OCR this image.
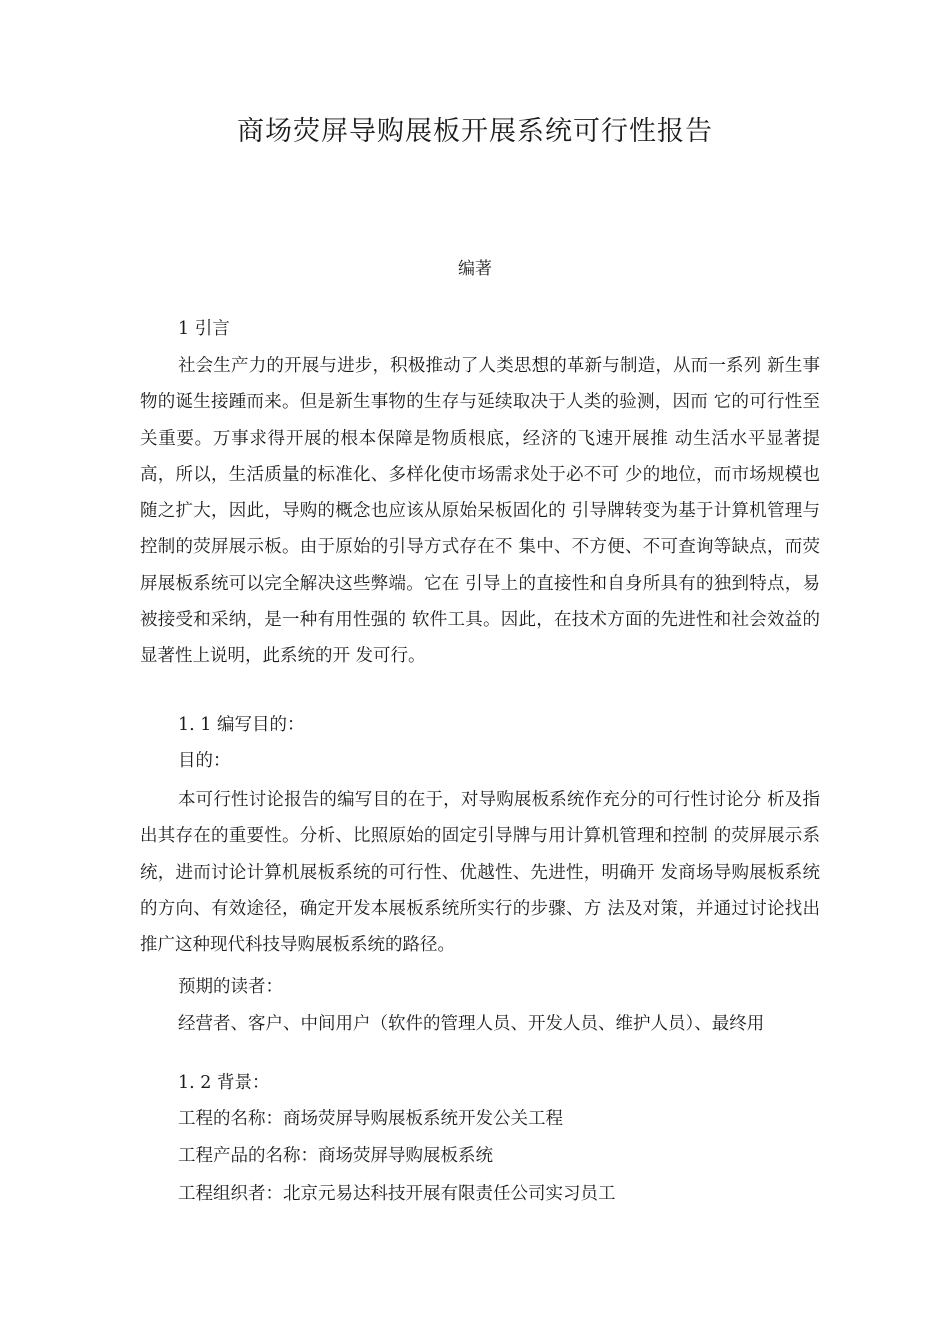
商场荧屏导购展板开展系统可行性报告

编著

1 引言

社会生产力的开展与进步，积极推动了人类思想的革新与制造，从而一系列 新生事物的诞生接踵而来。但是新生事物的生存与延续取决于人类的验测，因而 它的可行性至关重要。万事求得开展的根本保障是物质根底，经济的飞速开展推 动生活水平显著提高，所以，生活质量的标准化、多样化使市场需求处于必不可 少的地位，而市场规模也随之扩大，因此，导购的概念也应该从原始呆板固化的 引导牌转变为基于计算机管理与控制的荧屏展示板。由于原始的引导方式存在不 集中、不方便、不可查询等缺点，而荧屏展板系统可以完全解决这些弊端。它在 引导上的直接性和自身所具有的独到特点，易被接受和采纳，是一种有用性强的 软件工具。因此，在技术方面的先进性和社会效益的显著性上说明，此系统的开 发可行。

1. 1 编写目的：

目的：

本可行性讨论报告的编写目的在于，对导购展板系统作充分的可行性讨论分 析及指出其存在的重要性。分析、比照原始的固定引导牌与用计算机管理和控制 的荧屏展示系统，进而讨论计算机展板系统的可行性、优越性、先进性，明确开 发商场导购展板系统的方向、有效途径，确定开发本展板系统所实行的步骤、方 法及对策，并通过讨论找出推广这种现代科技导购展板系统的路径。

预期的读者：

经营者、客户、中间用户（软件的管理人员、开发人员、维护人员）、最终用

1. 2 背景：

工程的名称：商场荧屏导购展板系统开发公关工程

工程产品的名称：商场荧屏导购展板系统

工程组织者：北京元易达科技开展有限责任公司实习员工
